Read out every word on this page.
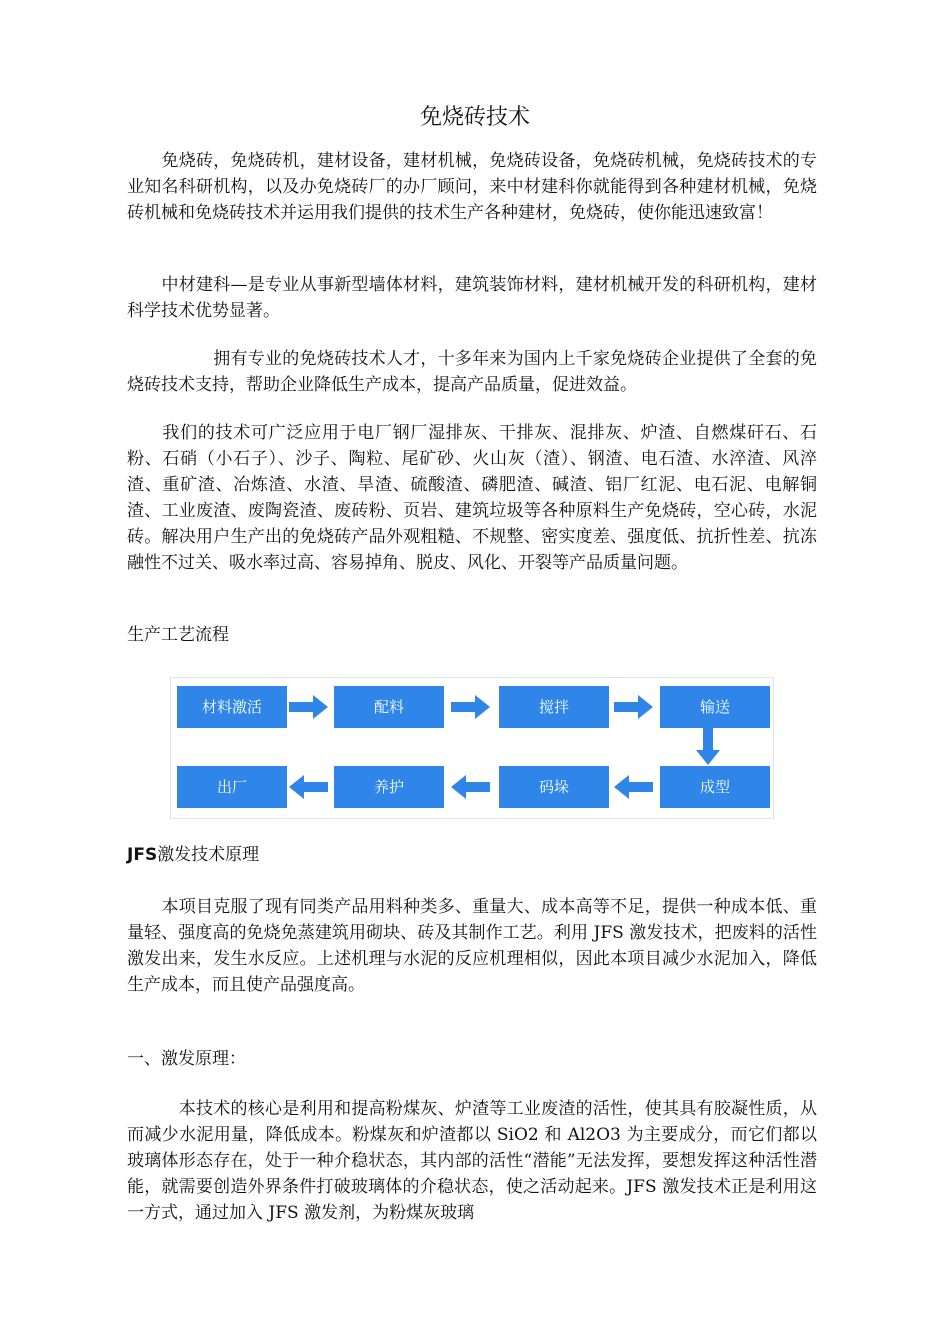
免烧砖技术

　　免烧砖，免烧砖机，建材设备，建材机械，免烧砖设备，免烧砖机械，免烧砖技术的专业知名科研机构，以及办免烧砖厂的办厂顾问，来中材建科你就能得到各种建材机械，免烧砖机械和免烧砖技术并运用我们提供的技术生产各种建材，免烧砖，使你能迅速致富！

　　中材建科—是专业从事新型墙体材料，建筑装饰材料，建材机械开发的科研机构，建材科学技术优势显著。

　　　　　拥有专业的免烧砖技术人才，十多年来为国内上千家免烧砖企业提供了全套的免烧砖技术支持，帮助企业降低生产成本，提高产品质量，促进效益。

　　我们的技术可广泛应用于电厂钢厂湿排灰、干排灰、混排灰、炉渣、自燃煤矸石、石粉、石硝（小石子）、沙子、陶粒、尾矿砂、火山灰（渣）、钢渣、电石渣、水淬渣、风淬渣、重矿渣、冶炼渣、水渣、旱渣、硫酸渣、磷肥渣、碱渣、铝厂红泥、电石泥、电解铜渣、工业废渣、废陶瓷渣、废砖粉、页岩、建筑垃圾等各种原料生产免烧砖，空心砖，水泥砖。解决用户生产出的免烧砖产品外观粗糙、不规整、密实度差、强度低、抗折性差、抗冻融性不过关、吸水率过高、容易掉角、脱皮、风化、开裂等产品质量问题。

生产工艺流程

材料激活	配料	搅拌	输送
出厂	养护	码垛	成型

JFS激发技术原理

　　本项目克服了现有同类产品用料种类多、重量大、成本高等不足，提供一种成本低、重量轻、强度高的免烧免蒸建筑用砌块、砖及其制作工艺。利用 JFS 激发技术，把废料的活性激发出来，发生水反应。上述机理与水泥的反应机理相似，因此本项目减少水泥加入，降低生产成本，而且使产品强度高。

一、激发原理：

　　　本技术的核心是利用和提高粉煤灰、炉渣等工业废渣的活性，使其具有胶凝性质，从而减少水泥用量，降低成本。粉煤灰和炉渣都以 SiO2 和 Al2O3 为主要成分，而它们都以玻璃体形态存在，处于一种介稳状态，其内部的活性“潜能”无法发挥，要想发挥这种活性潜能，就需要创造外界条件打破玻璃体的介稳状态，使之活动起来。JFS 激发技术正是利用这一方式，通过加入 JFS 激发剂，为粉煤灰玻璃
